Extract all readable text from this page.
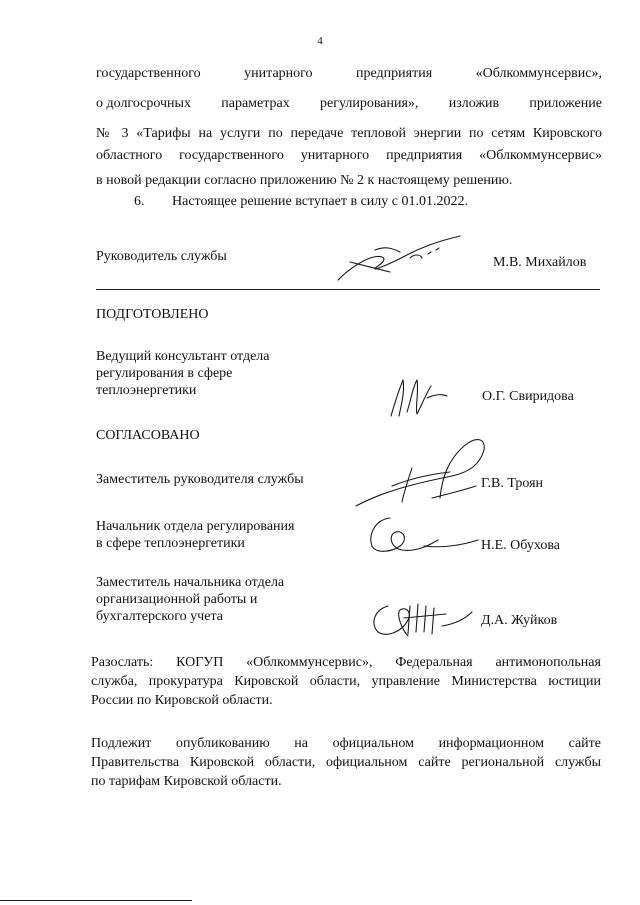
4
государственного	унитарного	предприятия	«Облкоммунсервис»,
о долгосрочных параметрах регулирования», изложив приложение
№ 3 «Тарифы на услуги по передаче тепловой энергии по сетям Кировского
областного государственного унитарного предприятия «Облкоммунсервис»
в новой редакции согласно приложению № 2 к настоящему решению.
6. Настоящее решение вступает в силу с 01.01.2022.
Руководитель службы	М.В. Михайлов
ПОДГОТОВЛЕНО
Ведущий консультант отдела
регулирования в сфере
теплоэнергетики	О.Г. Свиридова
СОГЛАСОВАНО
Заместитель руководителя службы	Г.В. Троян
Начальник отдела регулирования
в сфере теплоэнергетики	Н.Е. Обухова
Заместитель начальника отдела
организационной работы и
бухгалтерского учета	Д.А. Жуйков
Разослать: КОГУП «Облкоммунсервис», Федеральная антимонопольная
служба, прокуратура Кировской области, управление Министерства юстиции
России по Кировской области.
Подлежит опубликованию на официальном информационном сайте
Правительства Кировской области, официальном сайте региональной службы
по тарифам Кировской области.
